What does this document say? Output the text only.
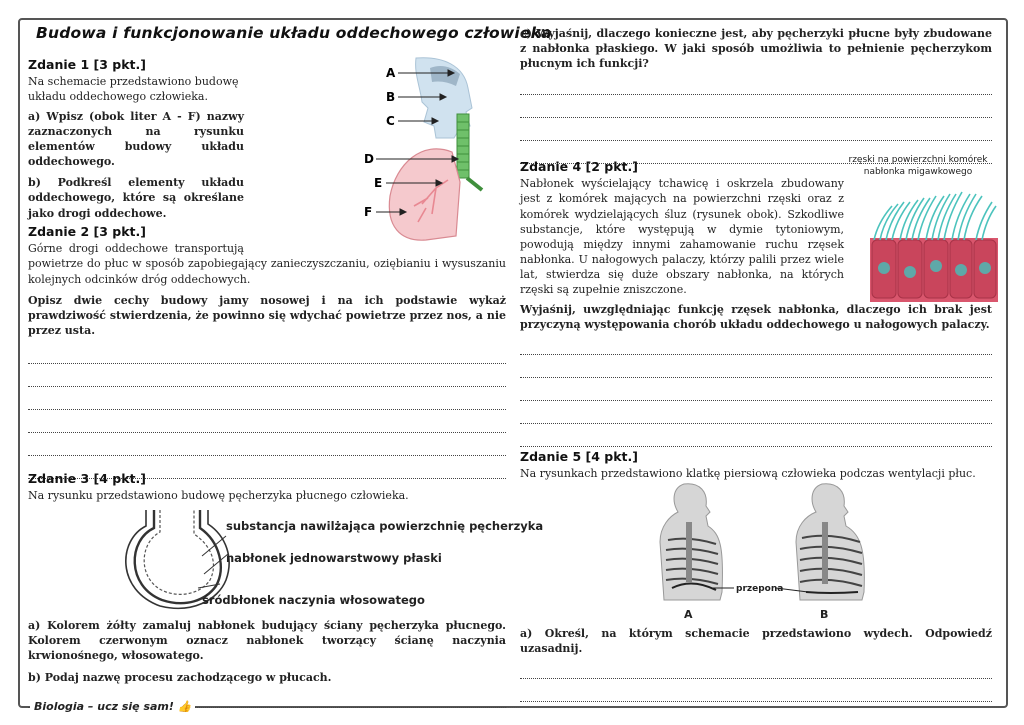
Budowa i funkcjonowanie układu oddechowego człowieka
Zdanie 1 [3 pkt.]

Na schemacie przedstawiono budowę układu oddechowego człowieka.

a) Wpisz (obok liter A - F) nazwy zaznaczonych na rysunku elementów budowy układu oddechowego.

b) Podkreśl elementy układu oddechowego, które są określane jako drogi oddechowe.

A
B
C
D
E
F
Zdanie 2 [3 pkt.]

Górne drogi oddechowe transportują

powietrze do płuc w sposób zapobiegający zanieczyszczaniu, oziębianiu i wysuszaniu kolejnych odcinków dróg oddechowych.

Opisz dwie cechy budowy jamy nosowej i na ich podstawie wykaż prawdziwość stwierdzenia, że powinno się wdychać powietrze przez nos, a nie przez usta.

Zdanie 3 [4 pkt.]

Na rysunku przedstawiono budowę pęcherzyka płucnego człowieka.

substancja nawilżająca powierzchnię pęcherzyka
nabłonek jednowarstwowy płaski
śródbłonek naczynia włosowatego

a) Kolorem żółty zamaluj nabłonek budujący ściany pęcherzyka płucnego. Kolorem czerwonym oznacz nabłonek tworzący ścianę naczynia krwionośnego, włosowatego.

b) Podaj nazwę procesu zachodzącego w płucach.

c) Wyjaśnij, dlaczego konieczne jest, aby pęcherzyki płucne były zbudowane z nabłonka płaskiego. W jaki sposób umożliwia to pełnienie pęcherzykom płucnym ich funkcji?

Zdanie 4 [2 pkt.]

Nabłonek wyścielający tchawicę i oskrzela zbudowany jest z komórek mających na powierzchni rzęski oraz z komórek wydzielających śluz (rysunek obok). Szkodliwe substancje, które występują w dymie tytoniowym, powodują między innymi zahamowanie ruchu rzęsek nabłonka. U nałogowych palaczy, którzy palili przez wiele lat, stwierdza się duże obszary nabłonka, na których rzęski są zupełnie zniszczone.

Wyjaśnij, uwzględniając funkcję rzęsek nabłonka, dlaczego ich brak jest przyczyną występowania chorób układu oddechowego u nałogowych palaczy.

rzęski na powierzchni komórek nabłonka migawkowego
Zdanie 5 [4 pkt.]

Na rysunkach przedstawiono klatkę piersiową człowieka podczas wentylacji płuc.

przepona
A	B

a) Określ, na którym schemacie przedstawiono wydech. Odpowiedź uzasadnij.

Biologia – ucz się sam! 👍
